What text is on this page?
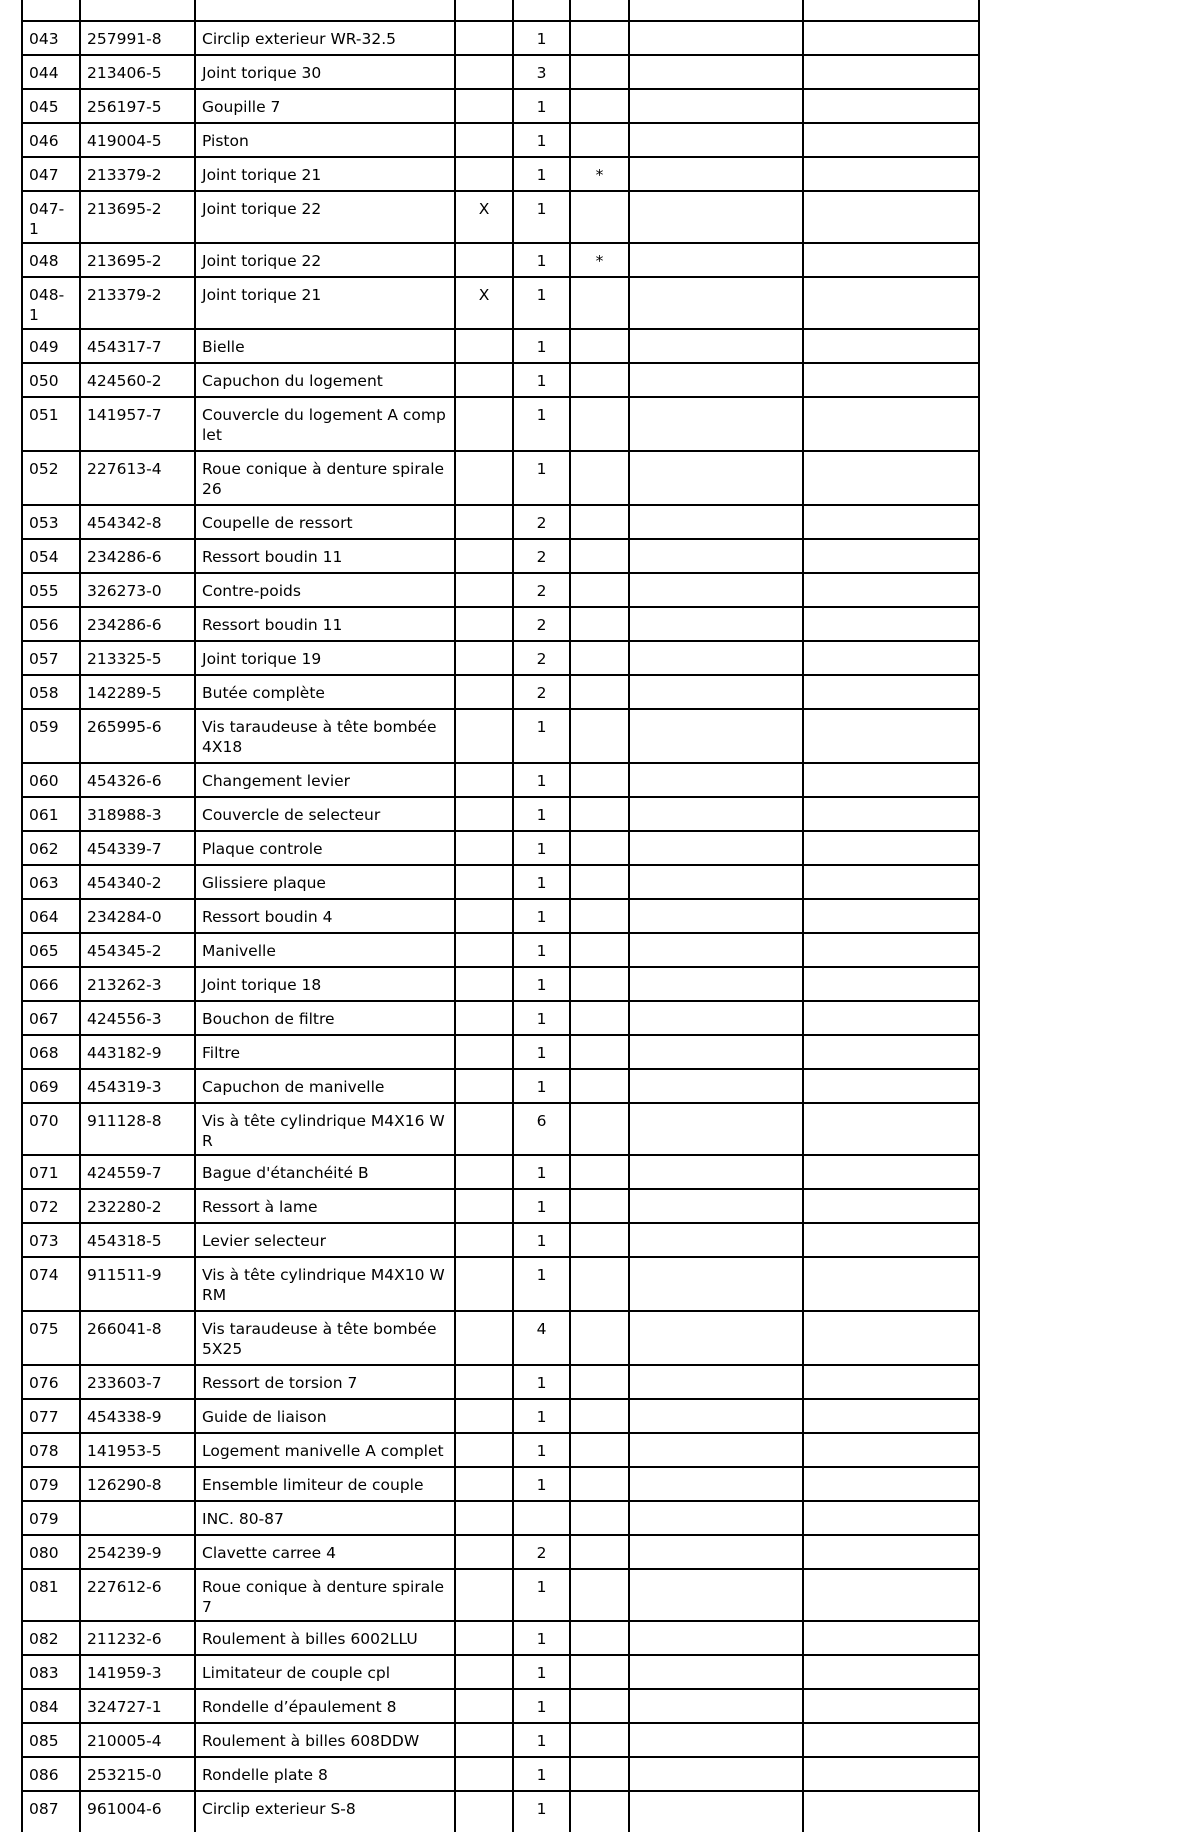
043	257991-8	Circlip exterieur WR-32.5		1			
044	213406-5	Joint torique 30		3			
045	256197-5	Goupille 7		1			
046	419004-5	Piston		1			
047	213379-2	Joint torique 21		1	*		
047-1	213695-2	Joint torique 22	X	1			
048	213695-2	Joint torique 22		1	*		
048-1	213379-2	Joint torique 21	X	1			
049	454317-7	Bielle		1			
050	424560-2	Capuchon du logement		1			
051	141957-7	Couvercle du logement A complet		1			
052	227613-4	Roue conique à denture spirale 26		1			
053	454342-8	Coupelle de ressort		2			
054	234286-6	Ressort boudin 11		2			
055	326273-0	Contre-poids		2			
056	234286-6	Ressort boudin 11		2			
057	213325-5	Joint torique 19		2			
058	142289-5	Butée complète		2			
059	265995-6	Vis taraudeuse à tête bombée 4X18		1			
060	454326-6	Changement levier		1			
061	318988-3	Couvercle de selecteur		1			
062	454339-7	Plaque controle		1			
063	454340-2	Glissiere plaque		1			
064	234284-0	Ressort boudin 4		1			
065	454345-2	Manivelle		1			
066	213262-3	Joint torique 18		1			
067	424556-3	Bouchon de filtre		1			
068	443182-9	Filtre		1			
069	454319-3	Capuchon de manivelle		1			
070	911128-8	Vis à tête cylindrique M4X16 WR		6			
071	424559-7	Bague d'étanchéité B		1			
072	232280-2	Ressort à lame		1			
073	454318-5	Levier selecteur		1			
074	911511-9	Vis à tête cylindrique M4X10 WRM		1			
075	266041-8	Vis taraudeuse à tête bombée 5X25		4			
076	233603-7	Ressort de torsion 7		1			
077	454338-9	Guide de liaison		1			
078	141953-5	Logement manivelle A complet		1			
079	126290-8	Ensemble limiteur de couple		1			
079		INC. 80-87					
080	254239-9	Clavette carree 4		2			
081	227612-6	Roue conique à denture spirale 7		1			
082	211232-6	Roulement à billes 6002LLU		1			
083	141959-3	Limitateur de couple cpl		1			
084	324727-1	Rondelle d’épaulement 8		1			
085	210005-4	Roulement à billes 608DDW		1			
086	253215-0	Rondelle plate 8		1			
087	961004-6	Circlip exterieur S-8		1			
